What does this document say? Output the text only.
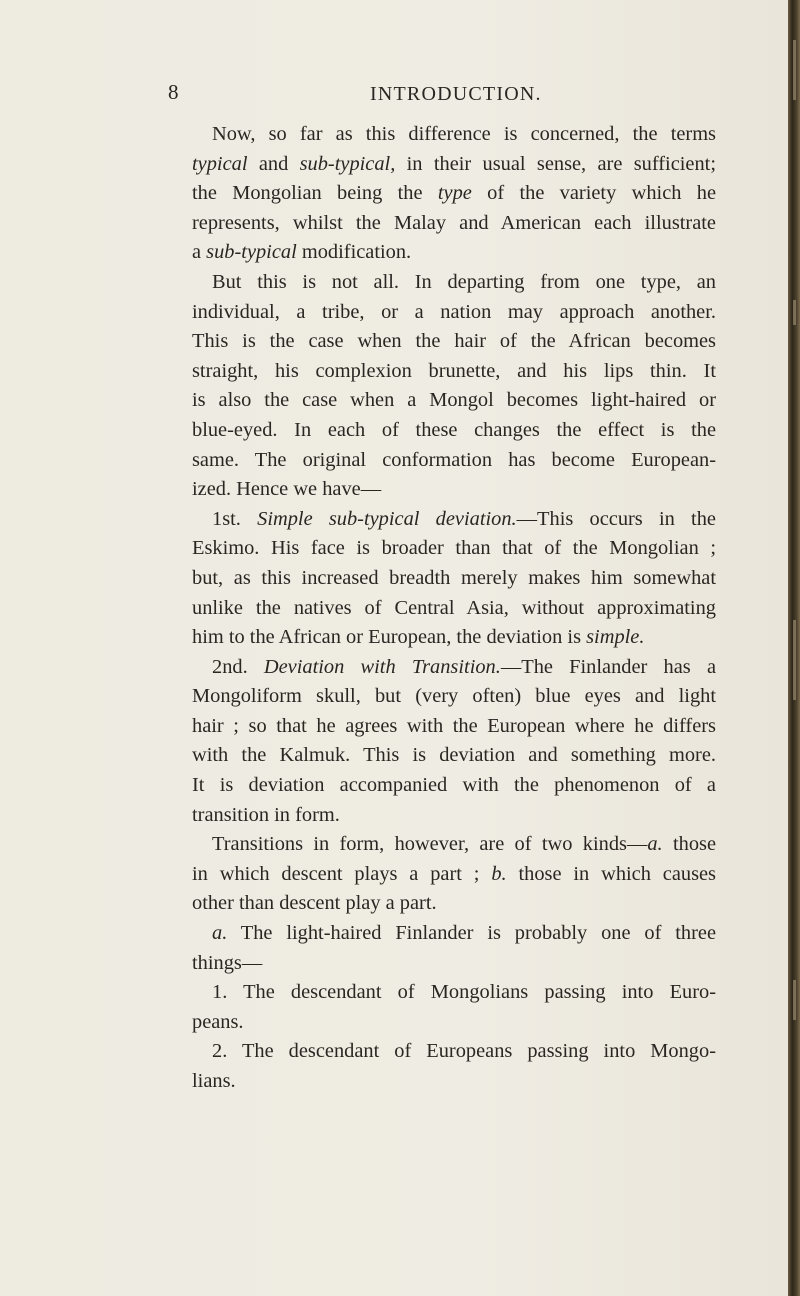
8	INTRODUCTION.
Now, so far as this difference is concerned, the terms
typical and sub-typical, in their usual sense, are sufficient;
the Mongolian being the type of the variety which he
represents, whilst the Malay and American each illustrate
a sub-typical modification.
But this is not all. In departing from one type, an
individual, a tribe, or a nation may approach another.
This is the case when the hair of the African becomes
straight, his complexion brunette, and his lips thin. It
is also the case when a Mongol becomes light-haired or
blue-eyed. In each of these changes the effect is the
same. The original conformation has become European-
ized. Hence we have—
1st. Simple sub-typical deviation.—This occurs in the
Eskimo. His face is broader than that of the Mongolian ;
but, as this increased breadth merely makes him somewhat
unlike the natives of Central Asia, without approximating
him to the African or European, the deviation is simple.
2nd. Deviation with Transition.—The Finlander has a
Mongoliform skull, but (very often) blue eyes and light
hair ; so that he agrees with the European where he differs
with the Kalmuk. This is deviation and something more.
It is deviation accompanied with the phenomenon of a
transition in form.
Transitions in form, however, are of two kinds—a. those
in which descent plays a part ; b. those in which causes
other than descent play a part.
a. The light-haired Finlander is probably one of three
things—
1. The descendant of Mongolians passing into Euro-
peans.
2. The descendant of Europeans passing into Mongo-
lians.
